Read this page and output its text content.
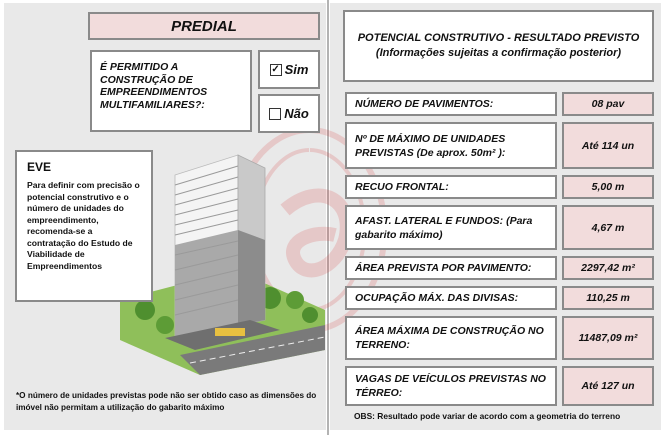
PREDIAL
É PERMITIDO A CONSTRUÇÃO DE EMPREENDIMENTOS MULTIFAMILIARES?:
✓ Sim
Não
EVE
Para definir com precisão o potencial construtivo e o número de unidades do empreendimento, recomenda-se a contratação do Estudo de Viabilidade de Empreendimentos
*O número de unidades previstas pode não ser obtido caso as dimensões do imóvel não permitam a utilização do gabarito máximo
POTENCIAL CONSTRUTIVO - RESULTADO PREVISTO
(Informações sujeitas a confirmação posterior)
NÚMERO DE PAVIMENTOS:	08 pav
Nº DE MÁXIMO DE UNIDADES PREVISTAS (De aprox. 50m² ):
Até 114 un
RECUO FRONTAL:	5,00 m
AFAST. LATERAL E FUNDOS: (Para gabarito máximo)
4,67 m
ÁREA PREVISTA POR PAVIMENTO:	2297,42 m²
OCUPAÇÃO MÁX. DAS DIVISAS:	110,25 m
ÁREA MÁXIMA DE CONSTRUÇÃO NO TERRENO:
11487,09 m²
VAGAS DE VEÍCULOS PREVISTAS NO TÉRREO:
Até 127 un
OBS: Resultado pode variar de acordo com a geometria do terreno
